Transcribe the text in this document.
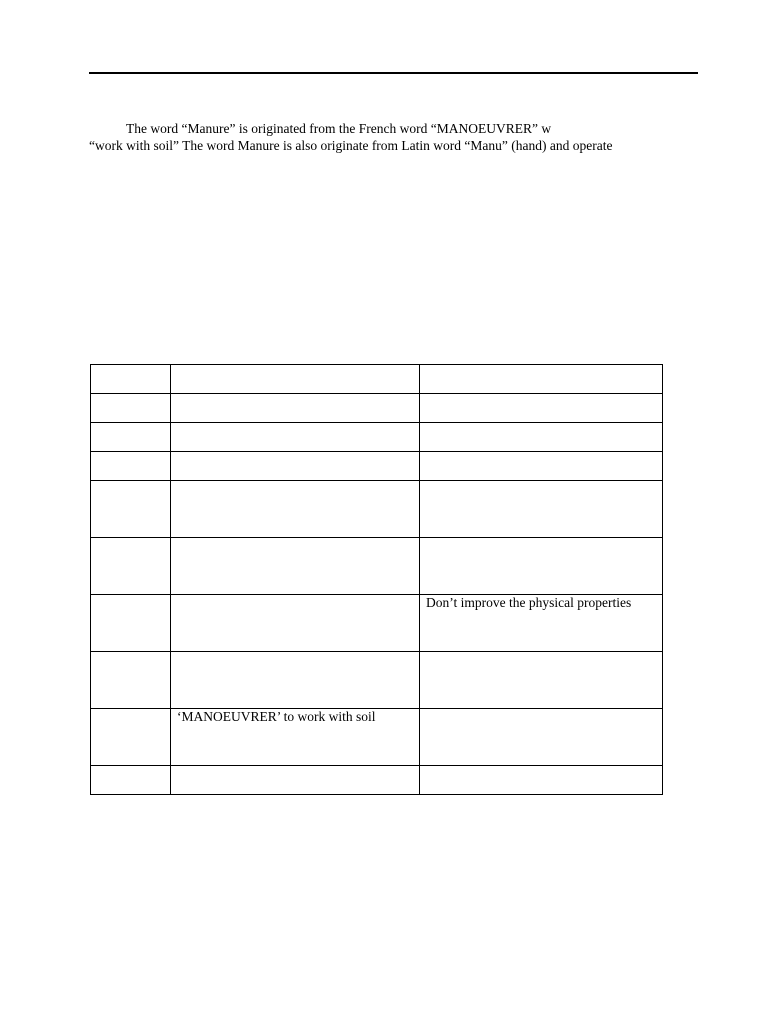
The word “Manure” is originated from the French word “MANOEUVRER” w
“work with soil” The word Manure is also originate from Latin word “Manu” (hand) and operate

		Don’t improve the physical properties

	‘MANOEUVRER’ to work with soil	
